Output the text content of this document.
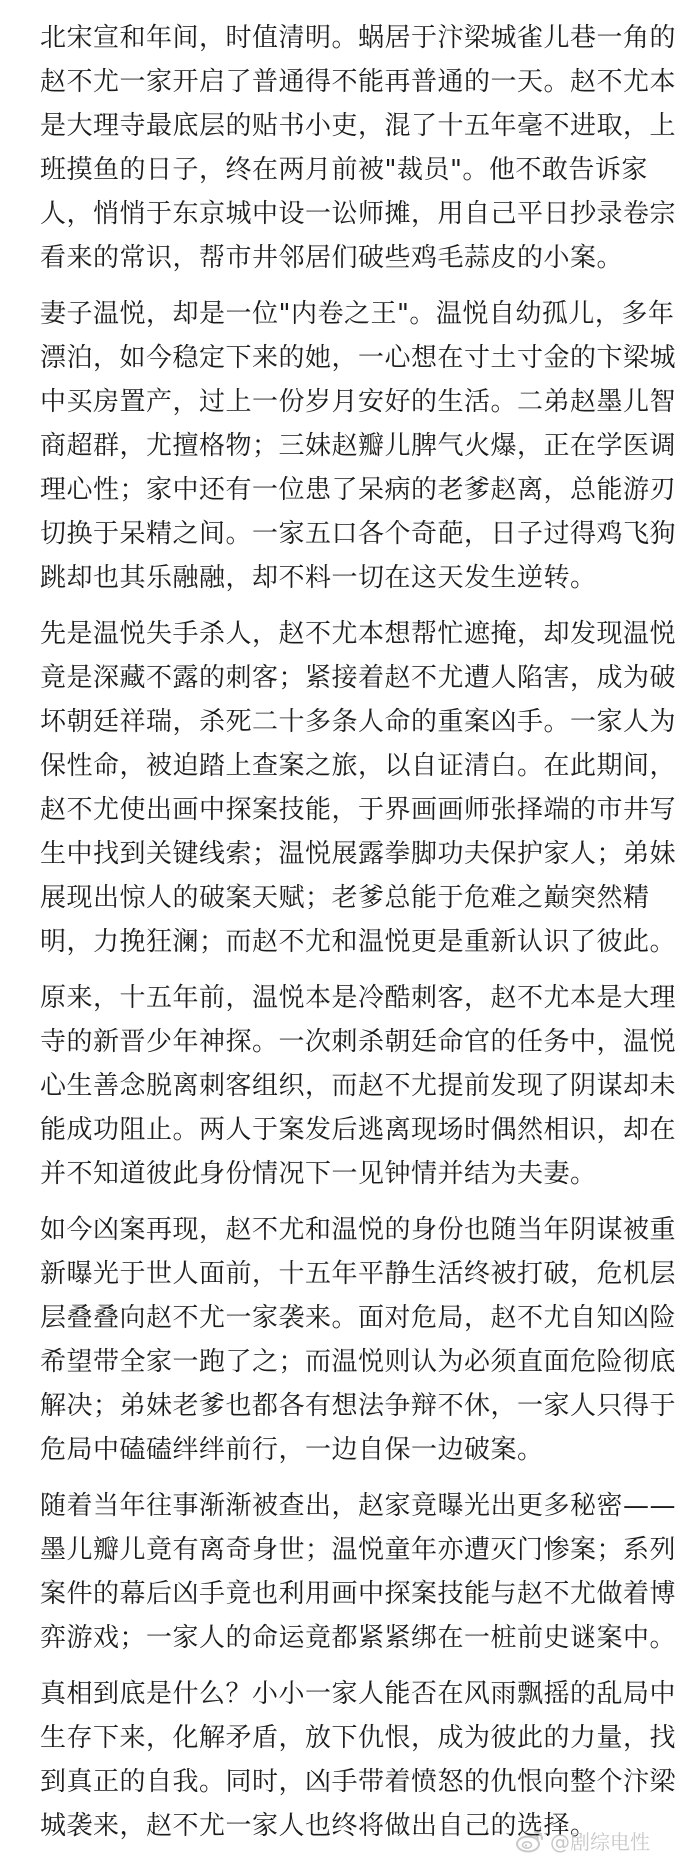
北宋宣和年间，时值清明。蜗居于汴梁城雀儿巷一角的
赵不尤一家开启了普通得不能再普通的一天。赵不尤本
是大理寺最底层的贴书小吏，混了十五年毫不进取，上
班摸鱼的日子，终在两月前被"裁员"。他不敢告诉家
人，悄悄于东京城中设一讼师摊，用自己平日抄录卷宗
看来的常识，帮市井邻居们破些鸡毛蒜皮的小案。

妻子温悦，却是一位"内卷之王"。温悦自幼孤儿，多年
漂泊，如今稳定下来的她，一心想在寸土寸金的卞梁城
中买房置产，过上一份岁月安好的生活。二弟赵墨儿智
商超群，尤擅格物；三妹赵瓣儿脾气火爆，正在学医调
理心性；家中还有一位患了呆病的老爹赵离，总能游刃
切换于呆精之间。一家五口各个奇葩，日子过得鸡飞狗
跳却也其乐融融，却不料一切在这天发生逆转。

先是温悦失手杀人，赵不尤本想帮忙遮掩，却发现温悦
竟是深藏不露的刺客；紧接着赵不尤遭人陷害，成为破
坏朝廷祥瑞，杀死二十多条人命的重案凶手。一家人为
保性命，被迫踏上查案之旅，以自证清白。在此期间，
赵不尤使出画中探案技能，于界画画师张择端的市井写
生中找到关键线索；温悦展露拳脚功夫保护家人；弟妹
展现出惊人的破案天赋；老爹总能于危难之巅突然精
明，力挽狂澜；而赵不尤和温悦更是重新认识了彼此。

原来，十五年前，温悦本是冷酷刺客，赵不尤本是大理
寺的新晋少年神探。一次刺杀朝廷命官的任务中，温悦
心生善念脱离刺客组织，而赵不尤提前发现了阴谋却未
能成功阻止。两人于案发后逃离现场时偶然相识，却在
并不知道彼此身份情况下一见钟情并结为夫妻。

如今凶案再现，赵不尤和温悦的身份也随当年阴谋被重
新曝光于世人面前，十五年平静生活终被打破，危机层
层叠叠向赵不尤一家袭来。面对危局，赵不尤自知凶险
希望带全家一跑了之；而温悦则认为必须直面危险彻底
解决；弟妹老爹也都各有想法争辩不休，一家人只得于
危局中磕磕绊绊前行，一边自保一边破案。

随着当年往事渐渐被查出，赵家竟曝光出更多秘密——
墨儿瓣儿竟有离奇身世；温悦童年亦遭灭门惨案；系列
案件的幕后凶手竟也利用画中探案技能与赵不尤做着博
弈游戏；一家人的命运竟都紧紧绑在一桩前史谜案中。

真相到底是什么？小小一家人能否在风雨飘摇的乱局中
生存下来，化解矛盾，放下仇恨，成为彼此的力量，找
到真正的自我。同时，凶手带着愤怒的仇恨向整个汴梁
城袭来，赵不尤一家人也终将做出自己的选择。

@剧综电性
